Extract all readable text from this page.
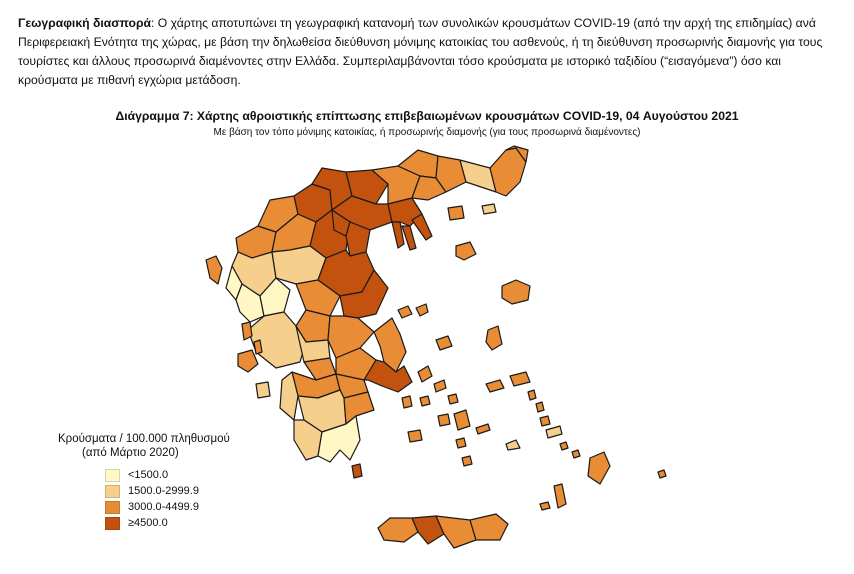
Γεωγραφική διασπορά: Ο χάρτης αποτυπώνει τη γεωγραφική κατανομή των συνολικών κρουσμάτων COVID-19 (από την αρχή της επιδημίας) ανά Περιφερειακή Ενότητα της χώρας, με βάση την δηλωθείσα διεύθυνση μόνιμης κατοικίας του ασθενούς, ή τη διεύθυνση προσωρινής διαμονής για τους τουρίστες και άλλους προσωρινά διαμένοντες στην Ελλάδα. Συμπεριλαμβάνονται τόσο κρούσματα με ιστορικό ταξιδίου (“εισαγόμενα”) όσο και κρούσματα με πιθανή εγχώρια μετάδοση.
Διάγραμμα 7: Χάρτης αθροιστικής επίπτωσης επιβεβαιωμένων κρουσμάτων COVID-19, 04 Αυγούστου 2021
Με βάση τον τόπο μόνιμης κατοικίας, ή προσωρινής διαμονής (για τους προσωρινά διαμένοντες)
Κρούσματα / 100.000 πληθυσμού
(από Μάρτιο 2020)
<1500.0
1500.0-2999.9
3000.0-4499.9
≥4500.0
